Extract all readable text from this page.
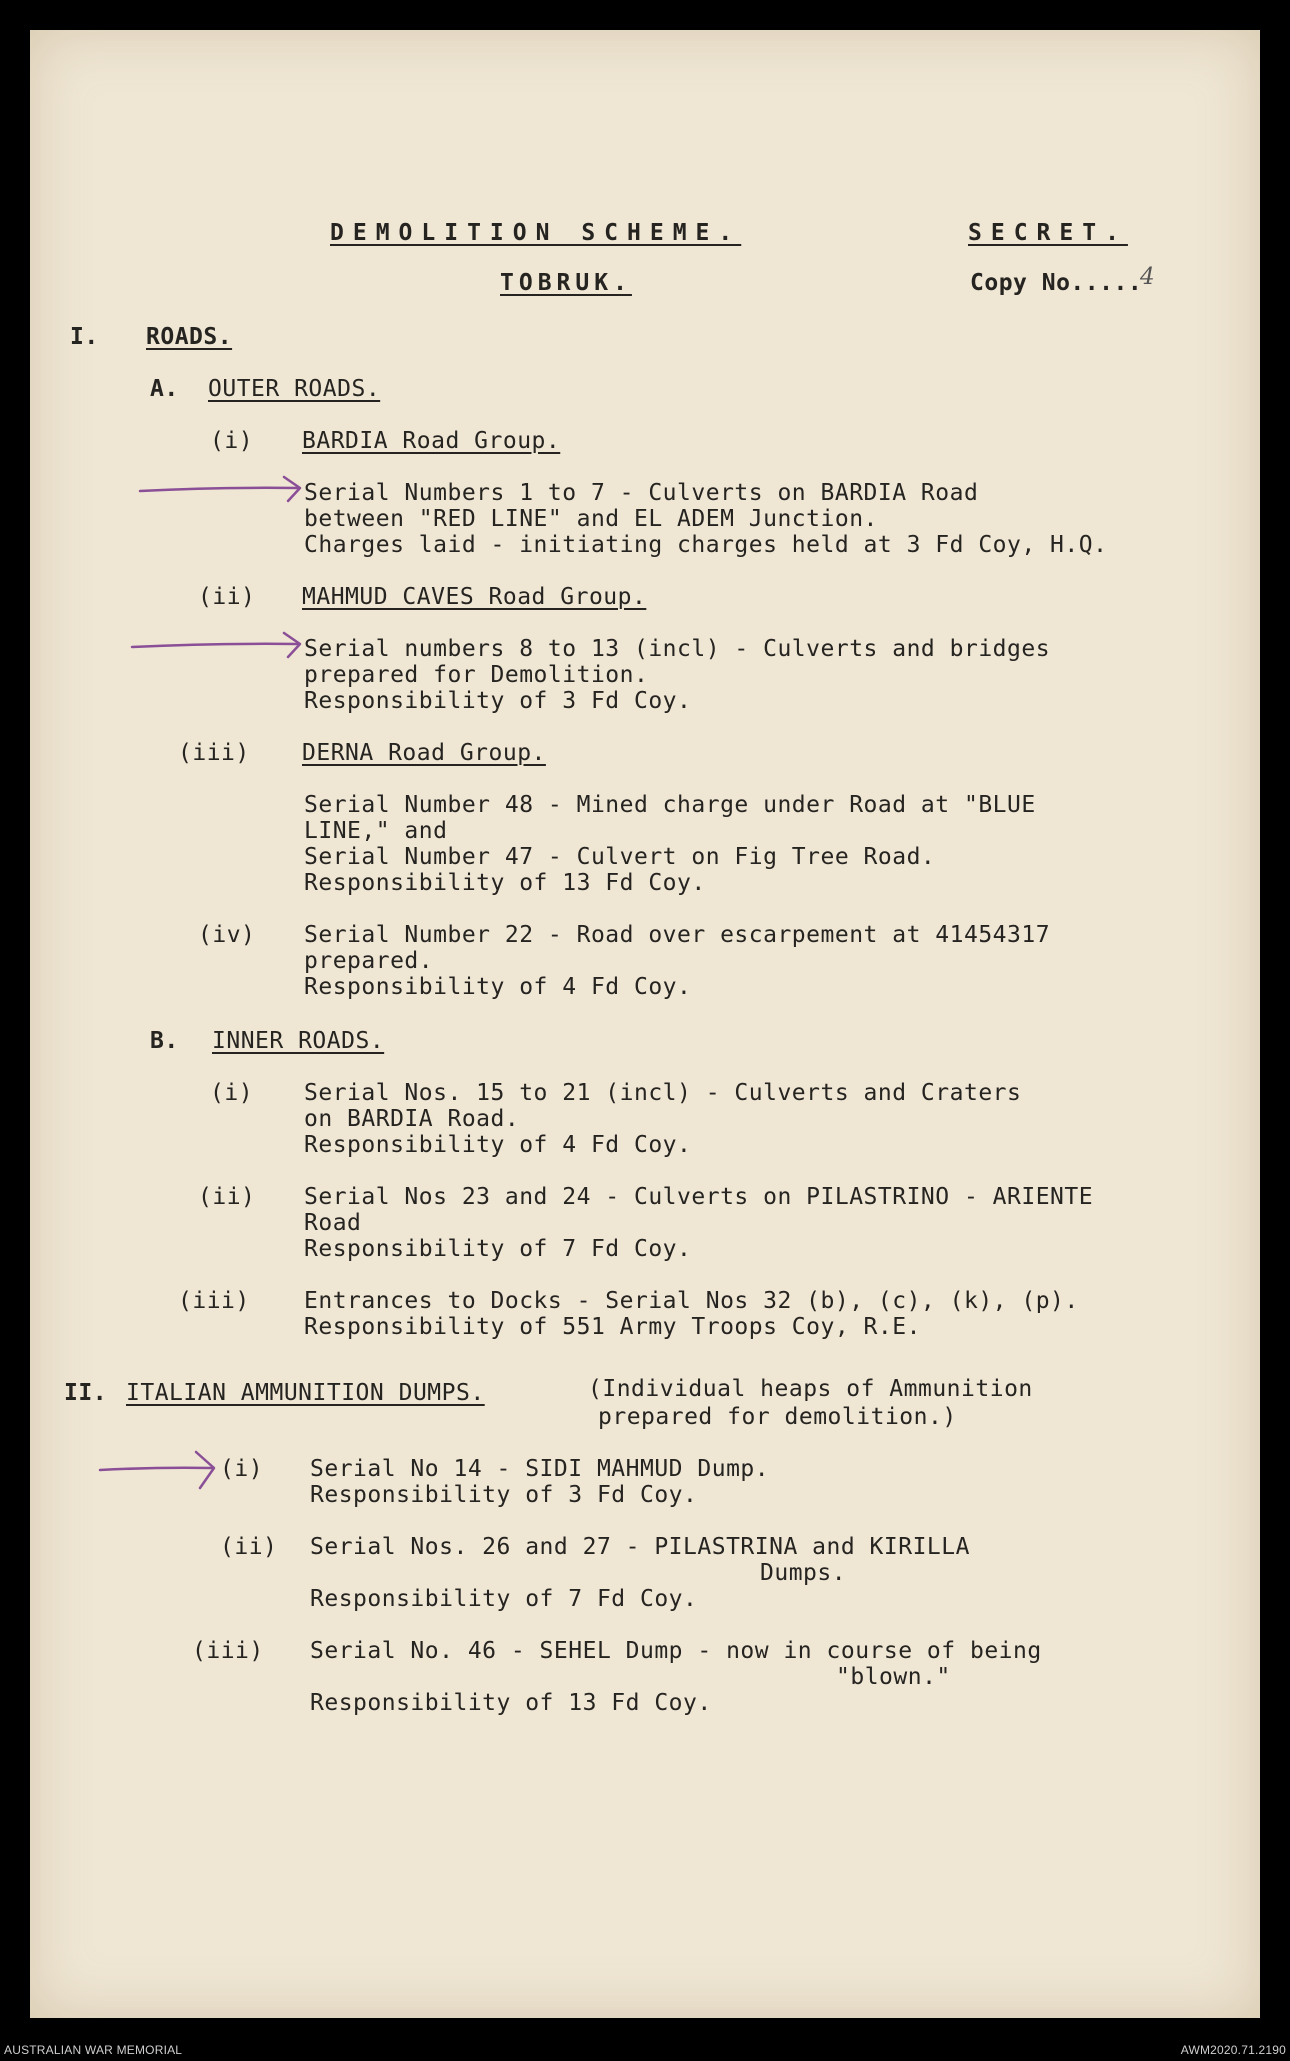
DEMOLITION SCHEME.	SECRET.
TOBRUK.	Copy No.....
4
I. ROADS.
A. OUTER ROADS.
(i) BARDIA Road Group.
Serial Numbers 1 to 7 - Culverts on BARDIA Road
between "RED LINE" and EL ADEM Junction.
Charges laid - initiating charges held at 3 Fd Coy, H.Q.
(ii) MAHMUD CAVES Road Group.
Serial numbers 8 to 13 (incl) - Culverts and bridges
prepared for Demolition.
Responsibility of 3 Fd Coy.
(iii) DERNA Road Group.
Serial Number 48 - Mined charge under Road at "BLUE
LINE," and
Serial Number 47 - Culvert on Fig Tree Road.
Responsibility of 13 Fd Coy.
(iv) Serial Number 22 - Road over escarpement at 41454317
prepared.
Responsibility of 4 Fd Coy.
B. INNER ROADS.
(i) Serial Nos. 15 to 21 (incl) - Culverts and Craters
on BARDIA Road.
Responsibility of 4 Fd Coy.
(ii) Serial Nos 23 and 24 - Culverts on PILASTRINO - ARIENTE
Road
Responsibility of 7 Fd Coy.
(iii) Entrances to Docks - Serial Nos 32 (b), (c), (k), (p).
Responsibility of 551 Army Troops Coy, R.E.
II. ITALIAN AMMUNITION DUMPS.	(Individual heaps of Ammunition
prepared for demolition.)
(i) Serial No 14 - SIDI MAHMUD Dump.
Responsibility of 3 Fd Coy.
(ii) Serial Nos. 26 and 27 - PILASTRINA and KIRILLA
Dumps.
Responsibility of 7 Fd Coy.
(iii) Serial No. 46 - SEHEL Dump - now in course of being
"blown."
Responsibility of 13 Fd Coy.
AUSTRALIAN WAR MEMORIAL	AWM2020.71.2190
